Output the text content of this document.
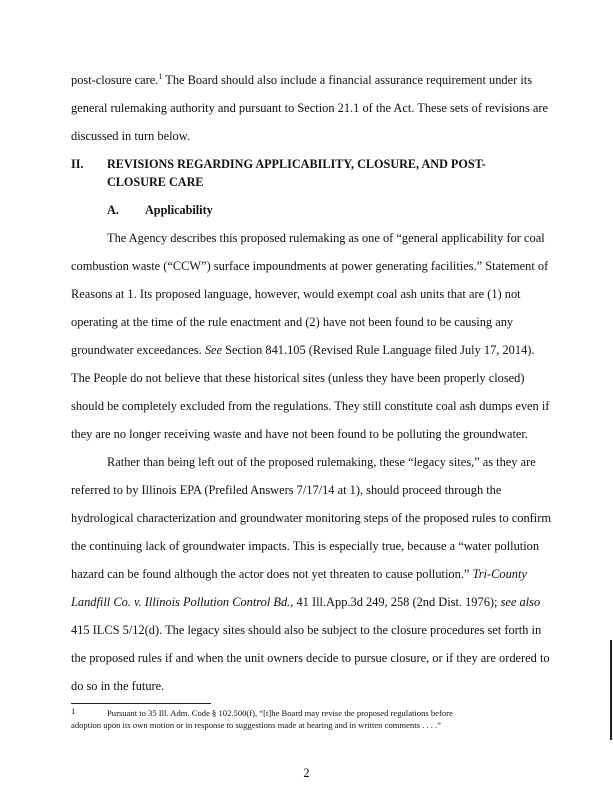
post-closure care.$^1$ The Board should also include a financial assurance requirement under its
general rulemaking authority and pursuant to Section 21.1 of the Act. These sets of revisions are
discussed in turn below.
II. REVISIONS REGARDING APPLICABILITY, CLOSURE, AND POST-
CLOSURE CARE
A. Applicability
The Agency describes this proposed rulemaking as one of “general applicability for coal
combustion waste (“CCW”) surface impoundments at power generating facilities.” Statement of
Reasons at 1. Its proposed language, however, would exempt coal ash units that are (1) not
operating at the time of the rule enactment and (2) have not been found to be causing any
groundwater exceedances. See Section 841.105 (Revised Rule Language filed July 17, 2014).
The People do not believe that these historical sites (unless they have been properly closed)
should be completely excluded from the regulations. They still constitute coal ash dumps even if
they are no longer receiving waste and have not been found to be polluting the groundwater.
Rather than being left out of the proposed rulemaking, these “legacy sites,” as they are
referred to by Illinois EPA (Prefiled Answers 7/17/14 at 1), should proceed through the
hydrological characterization and groundwater monitoring steps of the proposed rules to confirm
the continuing lack of groundwater impacts. This is especially true, because a “water pollution
hazard can be found although the actor does not yet threaten to cause pollution.” Tri-County
Landfill Co. v. Illinois Pollution Control Bd., 41 Ill.App.3d 249, 258 (2nd Dist. 1976); see also
415 ILCS 5/12(d). The legacy sites should also be subject to the closure procedures set forth in
the proposed rules if and when the unit owners decide to pursue closure, or if they are ordered to
do so in the future.
1	Pursuant to 35 Ill. Adm. Code § 102.500(f), “[t]he Board may revise the proposed regulations before
adoption upon its own motion or in response to suggestions made at hearing and in written comments . . . .”
2
